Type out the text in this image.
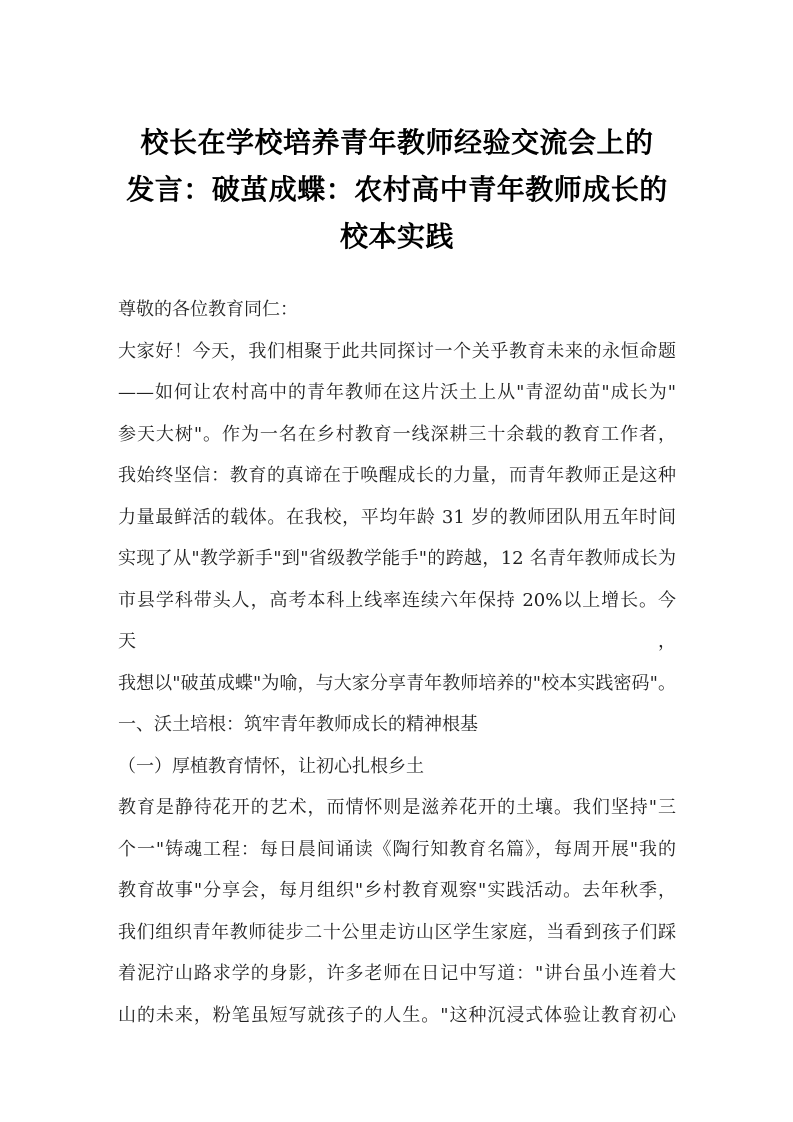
校长在学校培养青年教师经验交流会上的
发言：破茧成蝶：农村高中青年教师成长的
校本实践
尊敬的各位教育同仁：
大家好！今天，我们相聚于此共同探讨一个关乎教育未来的永恒命题
——如何让农村高中的青年教师在这片沃土上从"青涩幼苗"成长为"
参天大树"。作为一名在乡村教育一线深耕三十余载的教育工作者，
我始终坚信：教育的真谛在于唤醒成长的力量，而青年教师正是这种
力量最鲜活的载体。在我校，平均年龄 31 岁的教师团队用五年时间
实现了从"教学新手"到"省级教学能手"的跨越，12 名青年教师成长为
市县学科带头人，高考本科上线率连续六年保持 20%以上增长。今天，
我想以"破茧成蝶"为喻，与大家分享青年教师培养的"校本实践密码"。
一、沃土培根：筑牢青年教师成长的精神根基
（一）厚植教育情怀，让初心扎根乡土
教育是静待花开的艺术，而情怀则是滋养花开的土壤。我们坚持"三
个一"铸魂工程：每日晨间诵读《陶行知教育名篇》，每周开展"我的
教育故事"分享会，每月组织"乡村教育观察"实践活动。去年秋季，
我们组织青年教师徒步二十公里走访山区学生家庭，当看到孩子们踩
着泥泞山路求学的身影，许多老师在日记中写道："讲台虽小连着大
山的未来，粉笔虽短写就孩子的人生。"这种沉浸式体验让教育初心
